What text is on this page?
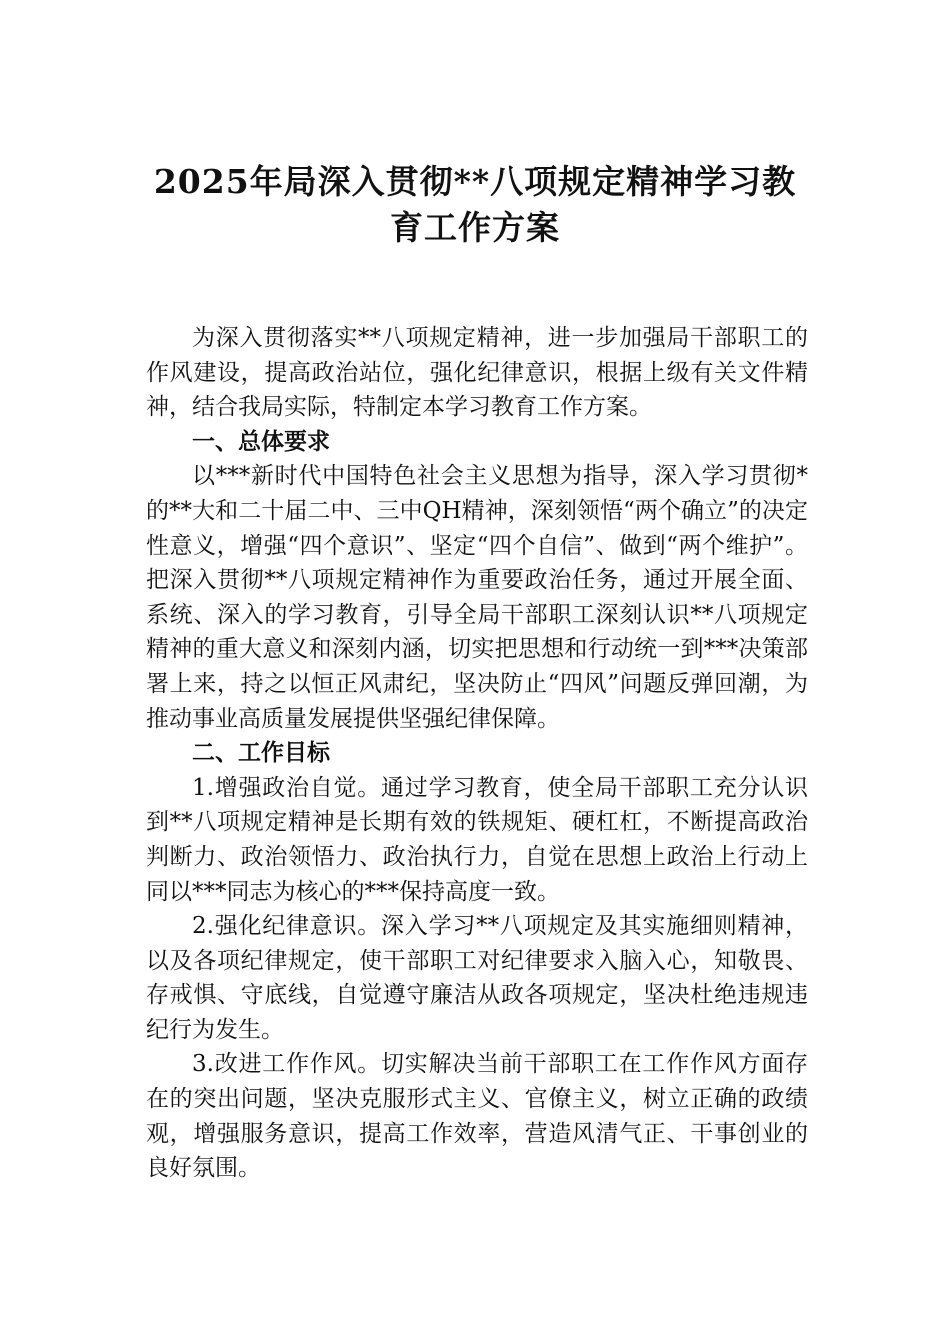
2025年局深入贯彻**八项规定精神学习教
育工作方案

为深入贯彻落实**八项规定精神，进一步加强局干部职工的作风建设，提高政治站位，强化纪律意识，根据上级有关文件精神，结合我局实际，特制定本学习教育工作方案。

一、总体要求

以***新时代中国特色社会主义思想为指导，深入学习贯彻*的**大和二十届二中、三中QH精神，深刻领悟“两个确立”的决定性意义，增强“四个意识”、坚定“四个自信”、做到“两个维护”。把深入贯彻**八项规定精神作为重要政治任务，通过开展全面、系统、深入的学习教育，引导全局干部职工深刻认识**八项规定精神的重大意义和深刻内涵，切实把思想和行动统一到***决策部署上来，持之以恒正风肃纪，坚决防止“四风”问题反弹回潮，为推动事业高质量发展提供坚强纪律保障。

二、工作目标

1.增强政治自觉。通过学习教育，使全局干部职工充分认识到**八项规定精神是长期有效的铁规矩、硬杠杠，不断提高政治判断力、政治领悟力、政治执行力，自觉在思想上政治上行动上同以***同志为核心的***保持高度一致。

2.强化纪律意识。深入学习**八项规定及其实施细则精神，以及各项纪律规定，使干部职工对纪律要求入脑入心，知敬畏、存戒惧、守底线，自觉遵守廉洁从政各项规定，坚决杜绝违规违纪行为发生。

3.改进工作作风。切实解决当前干部职工在工作作风方面存在的突出问题，坚决克服形式主义、官僚主义，树立正确的政绩观，增强服务意识，提高工作效率，营造风清气正、干事创业的良好氛围。
